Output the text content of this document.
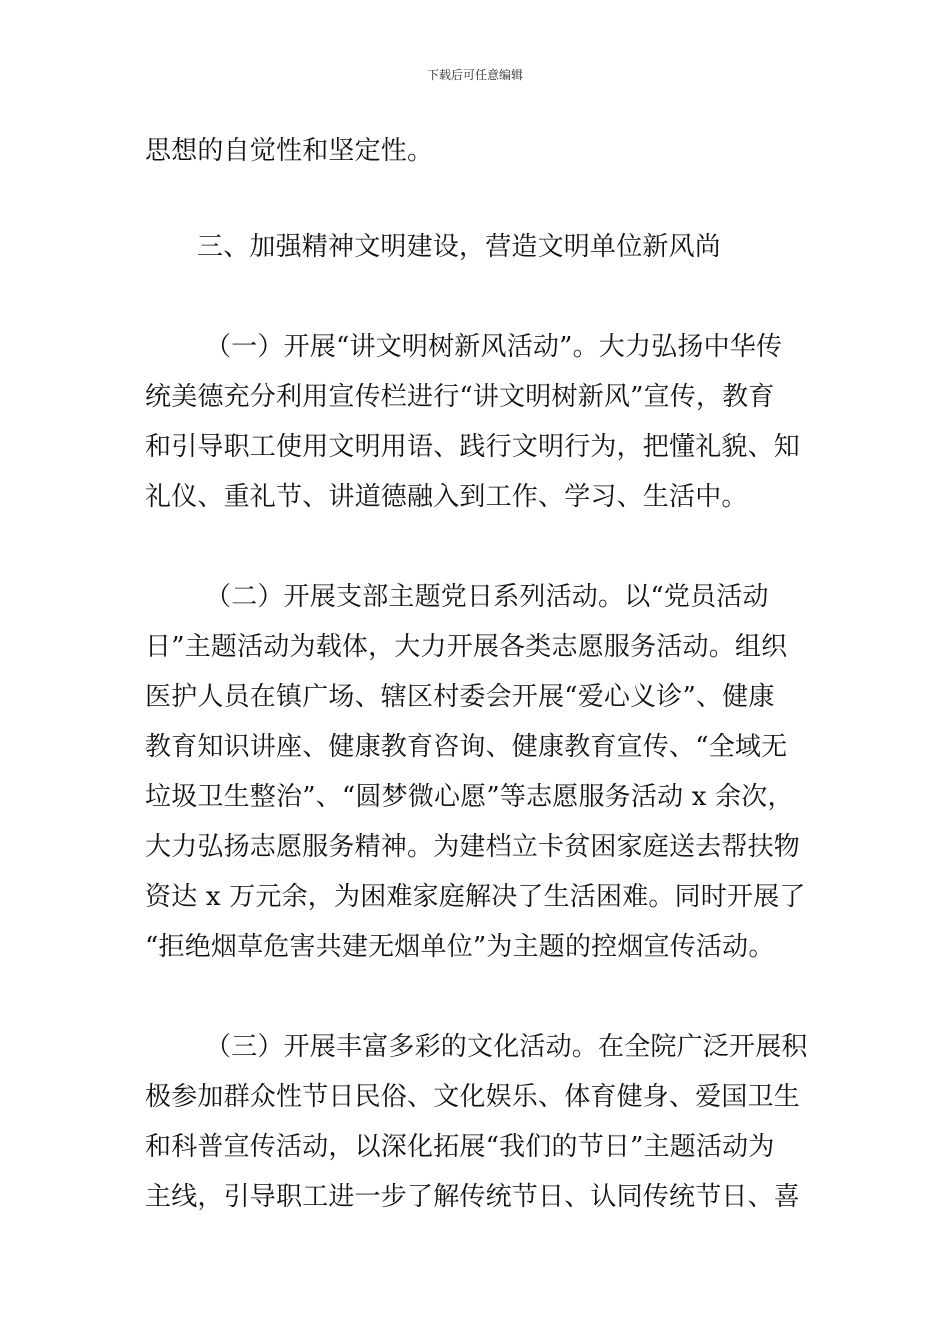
下载后可任意编辑

思想的自觉性和坚定性。

三、加强精神文明建设，营造文明单位新风尚

（一）开展“讲文明树新风活动”。大力弘扬中华传
统美德充分利用宣传栏进行“讲文明树新风”宣传，教育
和引导职工使用文明用语、践行文明行为，把懂礼貌、知
礼仪、重礼节、讲道德融入到工作、学习、生活中。

（二）开展支部主题党日系列活动。以“党员活动
日”主题活动为载体，大力开展各类志愿服务活动。组织
医护人员在镇广场、辖区村委会开展“爱心义诊”、健康
教育知识讲座、健康教育咨询、健康教育宣传、“全域无
垃圾卫生整治”、“圆梦微心愿”等志愿服务活动 x 余次，
大力弘扬志愿服务精神。为建档立卡贫困家庭送去帮扶物
资达 x 万元余，为困难家庭解决了生活困难。同时开展了
“拒绝烟草危害共建无烟单位”为主题的控烟宣传活动。

（三）开展丰富多彩的文化活动。在全院广泛开展积
极参加群众性节日民俗、文化娱乐、体育健身、爱国卫生
和科普宣传活动，以深化拓展“我们的节日”主题活动为
主线，引导职工进一步了解传统节日、认同传统节日、喜
